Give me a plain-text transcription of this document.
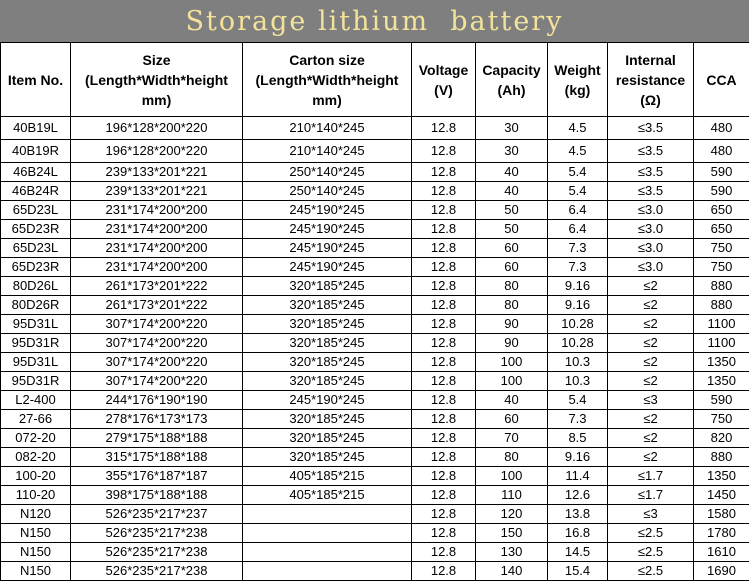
Storage lithium  battery
Item No.	Size (Length*Width*height mm)	Carton size (Length*Width*height mm)	Voltage (V)	Capacity (Ah)	Weight (kg)	Internal resistance (Ω)	CCA
40B19L	196*128*200*220	210*140*245	12.8	30	4.5	≤3.5	480
40B19R	196*128*200*220	210*140*245	12.8	30	4.5	≤3.5	480
46B24L	239*133*201*221	250*140*245	12.8	40	5.4	≤3.5	590
46B24R	239*133*201*221	250*140*245	12.8	40	5.4	≤3.5	590
65D23L	231*174*200*200	245*190*245	12.8	50	6.4	≤3.0	650
65D23R	231*174*200*200	245*190*245	12.8	50	6.4	≤3.0	650
65D23L	231*174*200*200	245*190*245	12.8	60	7.3	≤3.0	750
65D23R	231*174*200*200	245*190*245	12.8	60	7.3	≤3.0	750
80D26L	261*173*201*222	320*185*245	12.8	80	9.16	≤2	880
80D26R	261*173*201*222	320*185*245	12.8	80	9.16	≤2	880
95D31L	307*174*200*220	320*185*245	12.8	90	10.28	≤2	1100
95D31R	307*174*200*220	320*185*245	12.8	90	10.28	≤2	1100
95D31L	307*174*200*220	320*185*245	12.8	100	10.3	≤2	1350
95D31R	307*174*200*220	320*185*245	12.8	100	10.3	≤2	1350
L2-400	244*176*190*190	245*190*245	12.8	40	5.4	≤3	590
27-66	278*176*173*173	320*185*245	12.8	60	7.3	≤2	750
072-20	279*175*188*188	320*185*245	12.8	70	8.5	≤2	820
082-20	315*175*188*188	320*185*245	12.8	80	9.16	≤2	880
100-20	355*176*187*187	405*185*215	12.8	100	11.4	≤1.7	1350
110-20	398*175*188*188	405*185*215	12.8	110	12.6	≤1.7	1450
N120	526*235*217*237		12.8	120	13.8	≤3	1580
N150	526*235*217*238		12.8	150	16.8	≤2.5	1780
N150	526*235*217*238		12.8	130	14.5	≤2.5	1610
N150	526*235*217*238		12.8	140	15.4	≤2.5	1690
